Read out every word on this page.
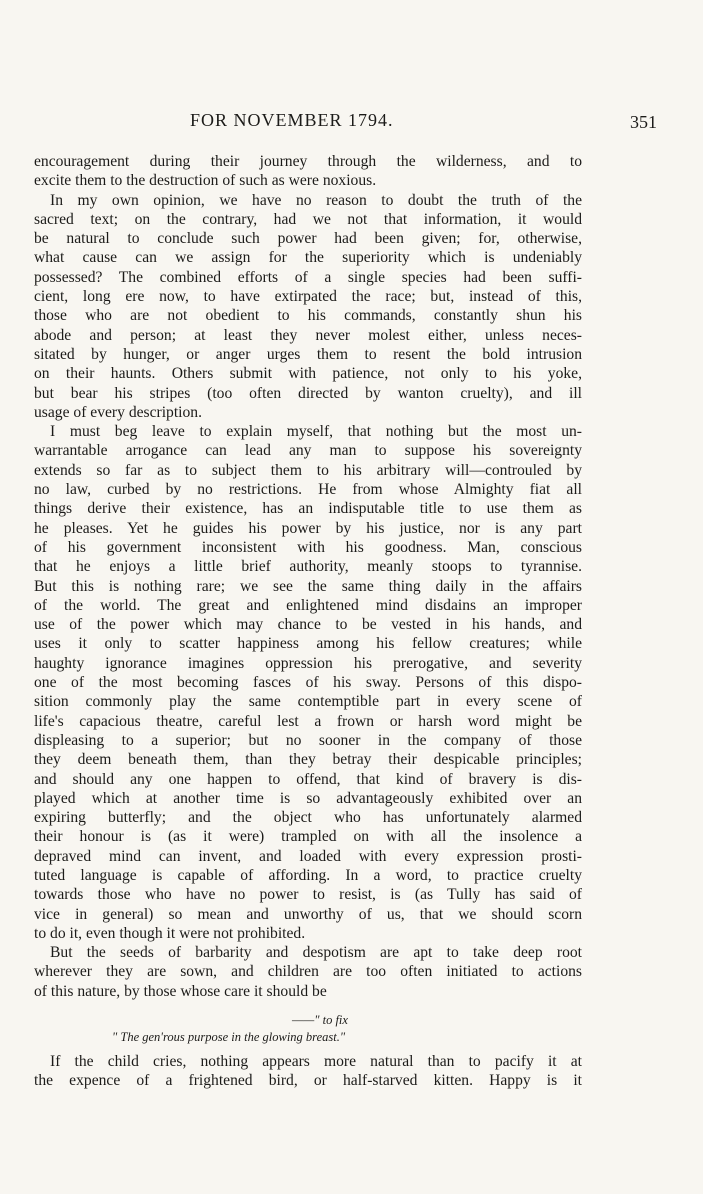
FOR NOVEMBER 1794.	351
encouragement during their journey through the wilderness, and to
excite them to the destruction of such as were noxious.
In my own opinion, we have no reason to doubt the truth of the
sacred text; on the contrary, had we not that information, it would
be natural to conclude such power had been given; for, otherwise,
what cause can we assign for the superiority which is undeniably
possessed? The combined efforts of a single species had been suffi-
cient, long ere now, to have extirpated the race; but, instead of this,
those who are not obedient to his commands, constantly shun his
abode and person; at least they never molest either, unless neces-
sitated by hunger, or anger urges them to resent the bold intrusion
on their haunts. Others submit with patience, not only to his yoke,
but bear his stripes (too often directed by wanton cruelty), and ill
usage of every description.
I must beg leave to explain myself, that nothing but the most un-
warrantable arrogance can lead any man to suppose his sovereignty
extends so far as to subject them to his arbitrary will—controuled by
no law, curbed by no restrictions. He from whose Almighty fiat all
things derive their existence, has an indisputable title to use them as
he pleases. Yet he guides his power by his justice, nor is any part
of his government inconsistent with his goodness. Man, conscious
that he enjoys a little brief authority, meanly stoops to tyrannise.
But this is nothing rare; we see the same thing daily in the affairs
of the world. The great and enlightened mind disdains an improper
use of the power which may chance to be vested in his hands, and
uses it only to scatter happiness among his fellow creatures; while
haughty ignorance imagines oppression his prerogative, and severity
one of the most becoming fasces of his sway. Persons of this dispo-
sition commonly play the same contemptible part in every scene of
life's capacious theatre, careful lest a frown or harsh word might be
displeasing to a superior; but no sooner in the company of those
they deem beneath them, than they betray their despicable principles;
and should any one happen to offend, that kind of bravery is dis-
played which at another time is so advantageously exhibited over an
expiring butterfly; and the object who has unfortunately alarmed
their honour is (as it were) trampled on with all the insolence a
depraved mind can invent, and loaded with every expression prosti-
tuted language is capable of affording. In a word, to practice cruelty
towards those who have no power to resist, is (as Tully has said of
vice in general) so mean and unworthy of us, that we should scorn
to do it, even though it were not prohibited.
But the seeds of barbarity and despotism are apt to take deep root
wherever they are sown, and children are too often initiated to actions
of this nature, by those whose care it should be
——" to fix
" The gen'rous purpose in the glowing breast."
If the child cries, nothing appears more natural than to pacify it at
the expence of a frightened bird, or half-starved kitten. Happy is it
